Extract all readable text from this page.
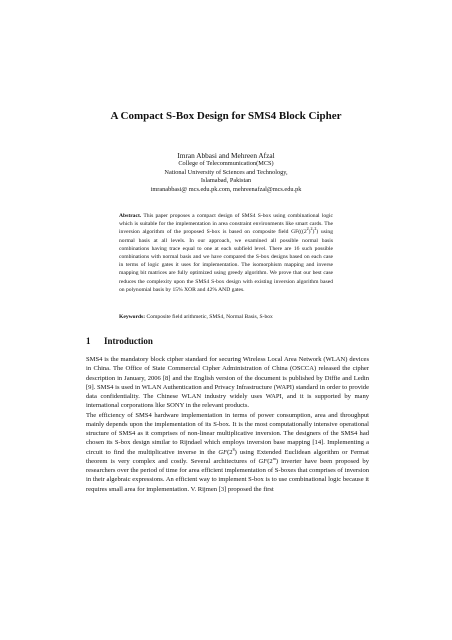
A Compact S-Box Design for SMS4 Block Cipher
Imran Abbasi and Mehreen Afzal
College of Telecommunication(MCS)
National University of Sciences and Technology,
Islamabad, Pakistan
imranabbasi@ mcs.edu.pk.com, mehreenafzal@mcs.edu.pk
Abstract. This paper proposes a compact design of SMS4 S-box using combinational logic which is suitable for the implementation in area constraint environments like smart cards. The inversion algorithm of the proposed S-box is based on composite field $GF(((2^2)^2)^2)$ using normal basis at all levels. In our approach, we examined all possible normal basis combinations having trace equal to one at each subfield level. There are 16 such possible combinations with normal basis and we have compared the S-box designs based on each case in terms of logic gates it uses for implementation. The isomorphism mapping and inverse mapping bit matrices are fully optimized using greedy algorithm. We prove that our best case reduces the complexity upon the SMS4 S-box design with existing inversion algorithm based on polynomial basis by 15% XOR and 42% AND gates.
Keywords: Composite field arithmetic, SMS4, Normal Basis, S-box
1 Introduction

SMS4 is the mandatory block cipher standard for securing Wireless Local Area Network (WLAN) devices in China. The Office of State Commercial Cipher Administration of China (OSCCA) released the cipher description in January, 2006 [8] and the English version of the document is published by Diffie and Ledin [9]. SMS4 is used in WLAN Authentication and Privacy Infrastructure (WAPI) standard in order to provide data confidentiality. The Chinese WLAN industry widely uses WAPI, and it is supported by many international corporations like SONY in the relevant products.

The efficiency of SMS4 hardware implementation in terms of power consumption, area and throughput mainly depends upon the implementation of its S-box. It is the most computationally intensive operational structure of SMS4 as it comprises of non-linear multiplicative inversion. The designers of the SMS4 had chosen its S-box design similar to Rijndael which employs inversion base mapping [14]. Implementing a circuit to find the multiplicative inverse in the $GF(2^8)$ using Extended Euclidean algorithm or Fermat theorem is very complex and costly. Several architectures of GF(2$^m$) inverter have been proposed by researchers over the period of time for area efficient implementation of S-boxes that comprises of inversion in their algebraic expressions. An efficient way to implement S-box is to use combinational logic because it requires small area for implementation. V. Rijmen [3] proposed the first
